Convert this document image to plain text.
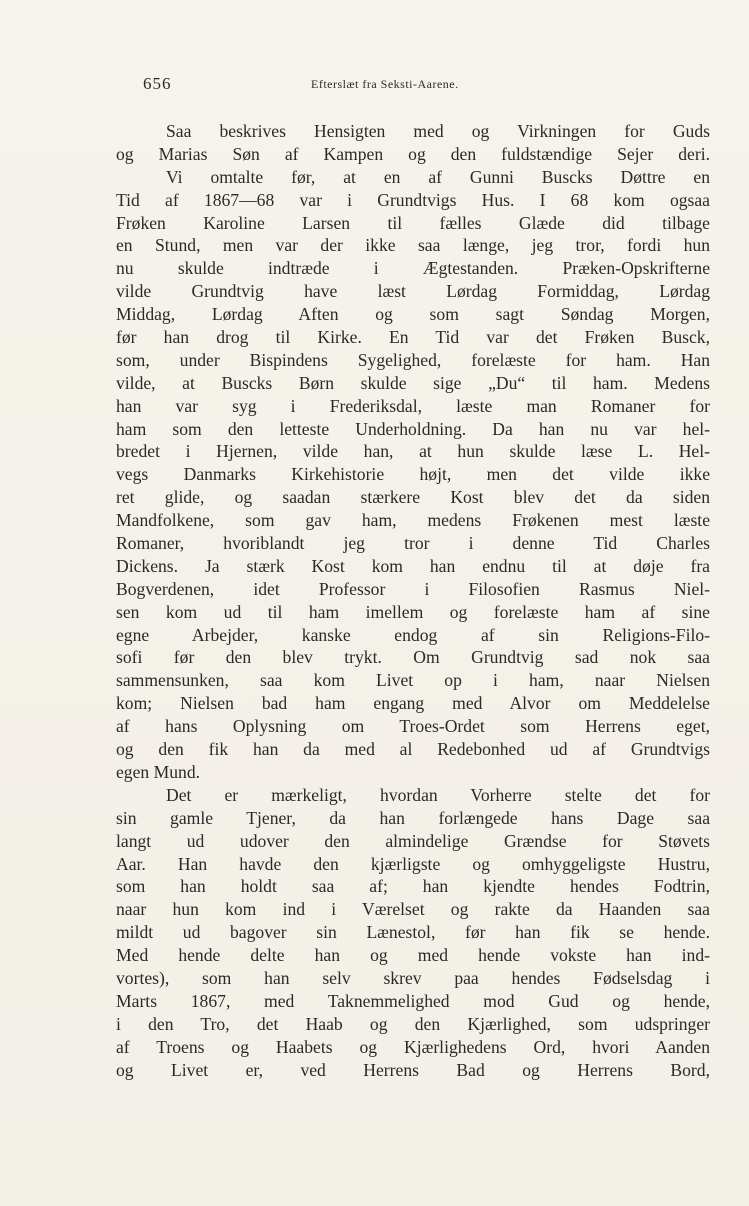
656	Efterslæt fra Seksti-Aarene.
Saa beskrives Hensigten med og Virkningen for Guds
og Marias Søn af Kampen og den fuldstændige Sejer deri.
Vi omtalte før, at en af Gunni Buscks Døttre en
Tid af 1867—68 var i Grundtvigs Hus. I 68 kom ogsaa
Frøken Karoline Larsen til fælles Glæde did tilbage
en Stund, men var der ikke saa længe, jeg tror, fordi hun
nu skulde indtræde i Ægtestanden. Præken-Opskrifterne
vilde Grundtvig have læst Lørdag Formiddag, Lørdag
Middag, Lørdag Aften og som sagt Søndag Morgen,
før han drog til Kirke. En Tid var det Frøken Busck,
som, under Bispindens Sygelighed, forelæste for ham. Han
vilde, at Buscks Børn skulde sige „Du“ til ham. Medens
han var syg i Frederiksdal, læste man Romaner for
ham som den letteste Underholdning. Da han nu var hel-
bredet i Hjernen, vilde han, at hun skulde læse L. Hel-
vegs Danmarks Kirkehistorie højt, men det vilde ikke
ret glide, og saadan stærkere Kost blev det da siden
Mandfolkene, som gav ham, medens Frøkenen mest læste
Romaner, hvoriblandt jeg tror i denne Tid Charles
Dickens. Ja stærk Kost kom han endnu til at døje fra
Bogverdenen, idet Professor i Filosofien Rasmus Niel-
sen kom ud til ham imellem og forelæste ham af sine
egne Arbejder, kanske endog af sin Religions-Filo-
sofi før den blev trykt. Om Grundtvig sad nok saa
sammensunken, saa kom Livet op i ham, naar Nielsen
kom; Nielsen bad ham engang med Alvor om Meddelelse
af hans Oplysning om Troes-Ordet som Herrens eget,
og den fik han da med al Redebonhed ud af Grundtvigs
egen Mund.
Det er mærkeligt, hvordan Vorherre stelte det for
sin gamle Tjener, da han forlængede hans Dage saa
langt ud udover den almindelige Grændse for Støvets
Aar. Han havde den kjærligste og omhyggeligste Hustru,
som han holdt saa af; han kjendte hendes Fodtrin,
naar hun kom ind i Værelset og rakte da Haanden saa
mildt ud bagover sin Lænestol, før han fik se hende.
Med hende delte han og med hende vokste han ind-
vortes), som han selv skrev paa hendes Fødselsdag i
Marts 1867, med Taknemmelighed mod Gud og hende,
i den Tro, det Haab og den Kjærlighed, som udspringer
af Troens og Haabets og Kjærlighedens Ord, hvori Aanden
og Livet er, ved Herrens Bad og Herrens Bord,
